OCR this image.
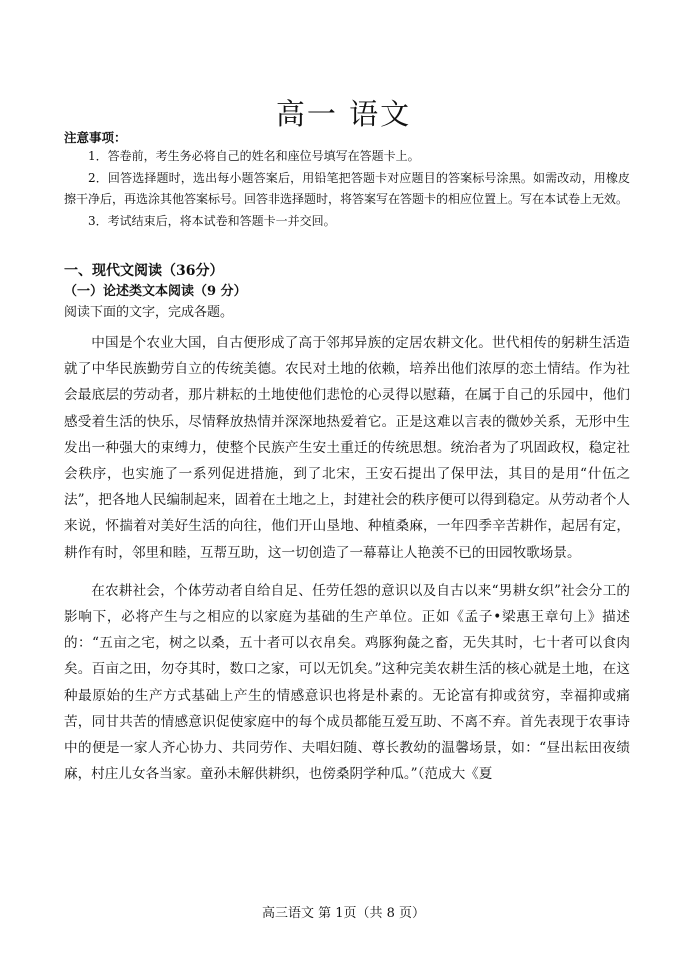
高一 语文
注意事项：
1．答卷前，考生务必将自己的姓名和座位号填写在答题卡上。
2．回答选择题时，选出每小题答案后，用铅笔把答题卡对应题目的答案标号涂黑。如需改动，用橡皮擦干净后，再选涂其他答案标号。回答非选择题时，将答案写在答题卡的相应位置上。写在本试卷上无效。
3．考试结束后，将本试卷和答题卡一并交回。
一、现代文阅读（36分）
（一）论述类文本阅读（9 分）
阅读下面的文字，完成各题。

中国是个农业大国，自古便形成了高于邻邦异族的定居农耕文化。世代相传的躬耕生活造就了中华民族勤劳自立的传统美德。农民对土地的依赖，培养出他们浓厚的恋土情结。作为社会最底层的劳动者，那片耕耘的土地使他们悲怆的心灵得以慰藉，在属于自己的乐园中，他们感受着生活的快乐，尽情释放热情并深深地热爱着它。正是这难以言表的微妙关系，无形中生发出一种强大的束缚力，使整个民族产生安土重迁的传统思想。统治者为了巩固政权，稳定社会秩序，也实施了一系列促进措施，到了北宋，王安石提出了保甲法，其目的是用“什伍之法”，把各地人民编制起来，固着在土地之上，封建社会的秩序便可以得到稳定。从劳动者个人来说，怀揣着对美好生活的向往，他们开山垦地、种植桑麻，一年四季辛苦耕作，起居有定，耕作有时，邻里和睦，互帮互助，这一切创造了一幕幕让人艳羡不已的田园牧歌场景。

在农耕社会，个体劳动者自给自足、任劳任怨的意识以及自古以来“男耕女织”社会分工的影响下，必将产生与之相应的以家庭为基础的生产单位。正如《孟子•梁惠王章句上》描述的：“五亩之宅，树之以桑，五十者可以衣帛矣。鸡豚狗彘之畜，无失其时，七十者可以食肉矣。百亩之田，勿夺其时，数口之家，可以无饥矣。”这种完美农耕生活的核心就是土地，在这种最原始的生产方式基础上产生的情感意识也将是朴素的。无论富有抑或贫穷，幸福抑或痛苦，同甘共苦的情感意识促使家庭中的每个成员都能互爱互助、不离不弃。首先表现于农事诗中的便是一家人齐心协力、共同劳作、夫唱妇随、尊长教幼的温馨场景，如：“昼出耘田夜绩麻，村庄儿女各当家。童孙未解供耕织，也傍桑阴学种瓜。”（范成大《夏

高三语文 第 1页（共 8 页）
